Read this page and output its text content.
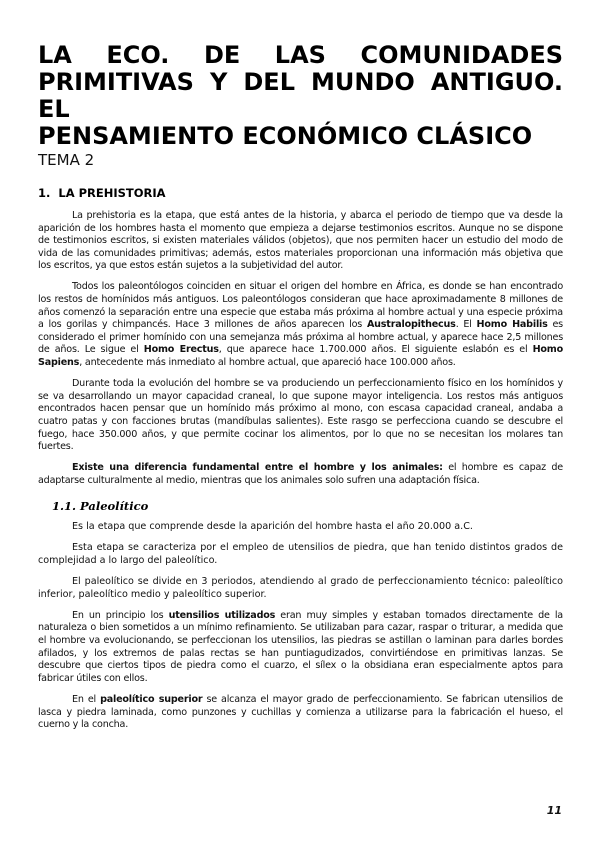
LA ECO. DE LAS COMUNIDADES
PRIMITIVAS Y DEL MUNDO ANTIGUO. EL
PENSAMIENTO ECONÓMICO CLÁSICO
TEMA 2
1. LA PREHISTORIA

La prehistoria es la etapa, que está antes de la historia, y abarca el periodo de tiempo que va desde la aparición de los hombres hasta el momento que empieza a dejarse testimonios escritos. Aunque no se dispone de testimonios escritos, si existen materiales válidos (objetos), que nos permiten hacer un estudio del modo de vida de las comunidades primitivas; además, estos materiales proporcionan una información más objetiva que los escritos, ya que estos están sujetos a la subjetividad del autor.

Todos los paleontólogos coinciden en situar el origen del hombre en África, es donde se han encontrado los restos de homínidos más antiguos. Los paleontólogos consideran que hace aproximadamente 8 millones de años comenzó la separación entre una especie que estaba más próxima al hombre actual y una especie próxima a los gorilas y chimpancés. Hace 3 millones de años aparecen los Australopithecus. El Homo Habilis es considerado el primer homínido con una semejanza más próxima al hombre actual, y aparece hace 2,5 millones de años. Le sigue el Homo Erectus, que aparece hace 1.700.000 años. El siguiente eslabón es el Homo Sapiens, antecedente más inmediato al hombre actual, que apareció hace 100.000 años.

Durante toda la evolución del hombre se va produciendo un perfeccionamiento físico en los homínidos y se va desarrollando un mayor capacidad craneal, lo que supone mayor inteligencia. Los restos más antiguos encontrados hacen pensar que un homínido más próximo al mono, con escasa capacidad craneal, andaba a cuatro patas y con facciones brutas (mandíbulas salientes). Este rasgo se perfecciona cuando se descubre el fuego, hace 350.000 años, y que permite cocinar los alimentos, por lo que no se necesitan los molares tan fuertes.

Existe una diferencia fundamental entre el hombre y los animales: el hombre es capaz de adaptarse culturalmente al medio, mientras que los animales solo sufren una adaptación física.

1.1. Paleolítico

Es la etapa que comprende desde la aparición del hombre hasta el año 20.000 a.C.

Esta etapa se caracteriza por el empleo de utensilios de piedra, que han tenido distintos grados de complejidad a lo largo del paleolítico.

El paleolítico se divide en 3 periodos, atendiendo al grado de perfeccionamiento técnico: paleolítico inferior, paleolítico medio y paleolítico superior.

En un principio los utensilios utilizados eran muy simples y estaban tomados directamente de la naturaleza o bien sometidos a un mínimo refinamiento. Se utilizaban para cazar, raspar o triturar, a medida que el hombre va evolucionando, se perfeccionan los utensilios, las piedras se astillan o laminan para darles bordes afilados, y los extremos de palas rectas se han puntiagudizados, convirtiéndose en primitivas lanzas. Se descubre que ciertos tipos de piedra como el cuarzo, el sílex o la obsidiana eran especialmente aptos para fabricar útiles con ellos.

En el paleolítico superior se alcanza el mayor grado de perfeccionamiento. Se fabrican utensilios de lasca y piedra laminada, como punzones y cuchillas y comienza a utilizarse para la fabricación el hueso, el cuerno y la concha.

11
